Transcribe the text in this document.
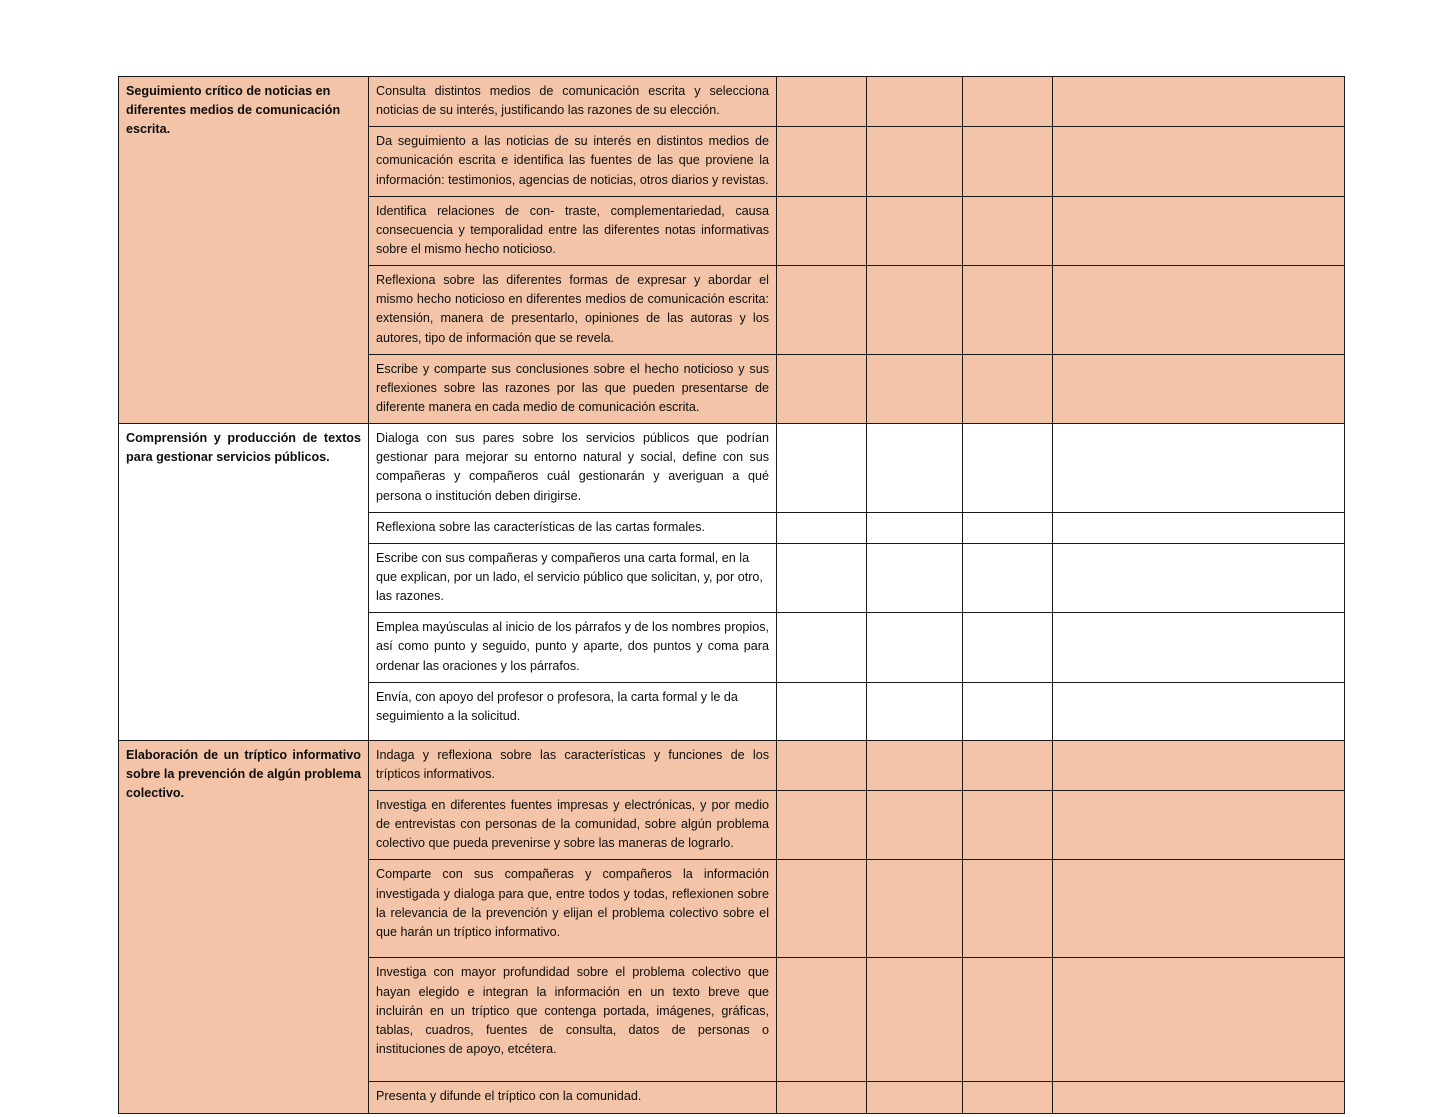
Seguimiento crítico de noticias en diferentes medios de comunicación escrita.	Consulta distintos medios de comunicación escrita y selecciona noticias de su interés, justificando las razones de su elección.				
	Da seguimiento a las noticias de su interés en distintos medios de comunicación escrita e identifica las fuentes de las que proviene la información: testimonios, agencias de noticias, otros diarios y revistas.				
	Identifica relaciones de con- traste, complementariedad, causa consecuencia y temporalidad entre las diferentes notas informativas sobre el mismo hecho noticioso.				
	Reflexiona sobre las diferentes formas de expresar y abordar el mismo hecho noticioso en diferentes medios de comunicación escrita: extensión, manera de presentarlo, opiniones de las autoras y los autores, tipo de información que se revela.				
	Escribe y comparte sus conclusiones sobre el hecho noticioso y sus reflexiones sobre las razones por las que pueden presentarse de diferente manera en cada medio de comunicación escrita.				
Comprensión y producción de textos para gestionar servicios públicos.	Dialoga con sus pares sobre los servicios públicos que podrían gestionar para mejorar su entorno natural y social, define con sus compañeras y compañeros cuál gestionarán y averiguan a qué persona o institución deben dirigirse.				
	Reflexiona sobre las características de las cartas formales.				
	Escribe con sus compañeras y compañeros una carta formal, en la que explican, por un lado, el servicio público que solicitan, y, por otro, las razones.				
	Emplea mayúsculas al inicio de los párrafos y de los nombres propios, así como punto y seguido, punto y aparte, dos puntos y coma para ordenar las oraciones y los párrafos.				
	Envía, con apoyo del profesor o profesora, la carta formal y le da seguimiento a la solicitud.				
Elaboración de un tríptico informativo sobre la prevención de algún problema colectivo.	Indaga y reflexiona sobre las características y funciones de los trípticos informativos.				
	Investiga en diferentes fuentes impresas y electrónicas, y por medio de entrevistas con personas de la comunidad, sobre algún problema colectivo que pueda prevenirse y sobre las maneras de lograrlo.				
	Comparte con sus compañeras y compañeros la información investigada y dialoga para que, entre todos y todas, reflexionen sobre la relevancia de la prevención y elijan el problema colectivo sobre el que harán un tríptico informativo.				
	Investiga con mayor profundidad sobre el problema colectivo que hayan elegido e integran la información en un texto breve que incluirán en un tríptico que contenga portada, imágenes, gráficas, tablas, cuadros, fuentes de consulta, datos de personas o instituciones de apoyo, etcétera.				
	Presenta y difunde el tríptico con la comunidad.				
